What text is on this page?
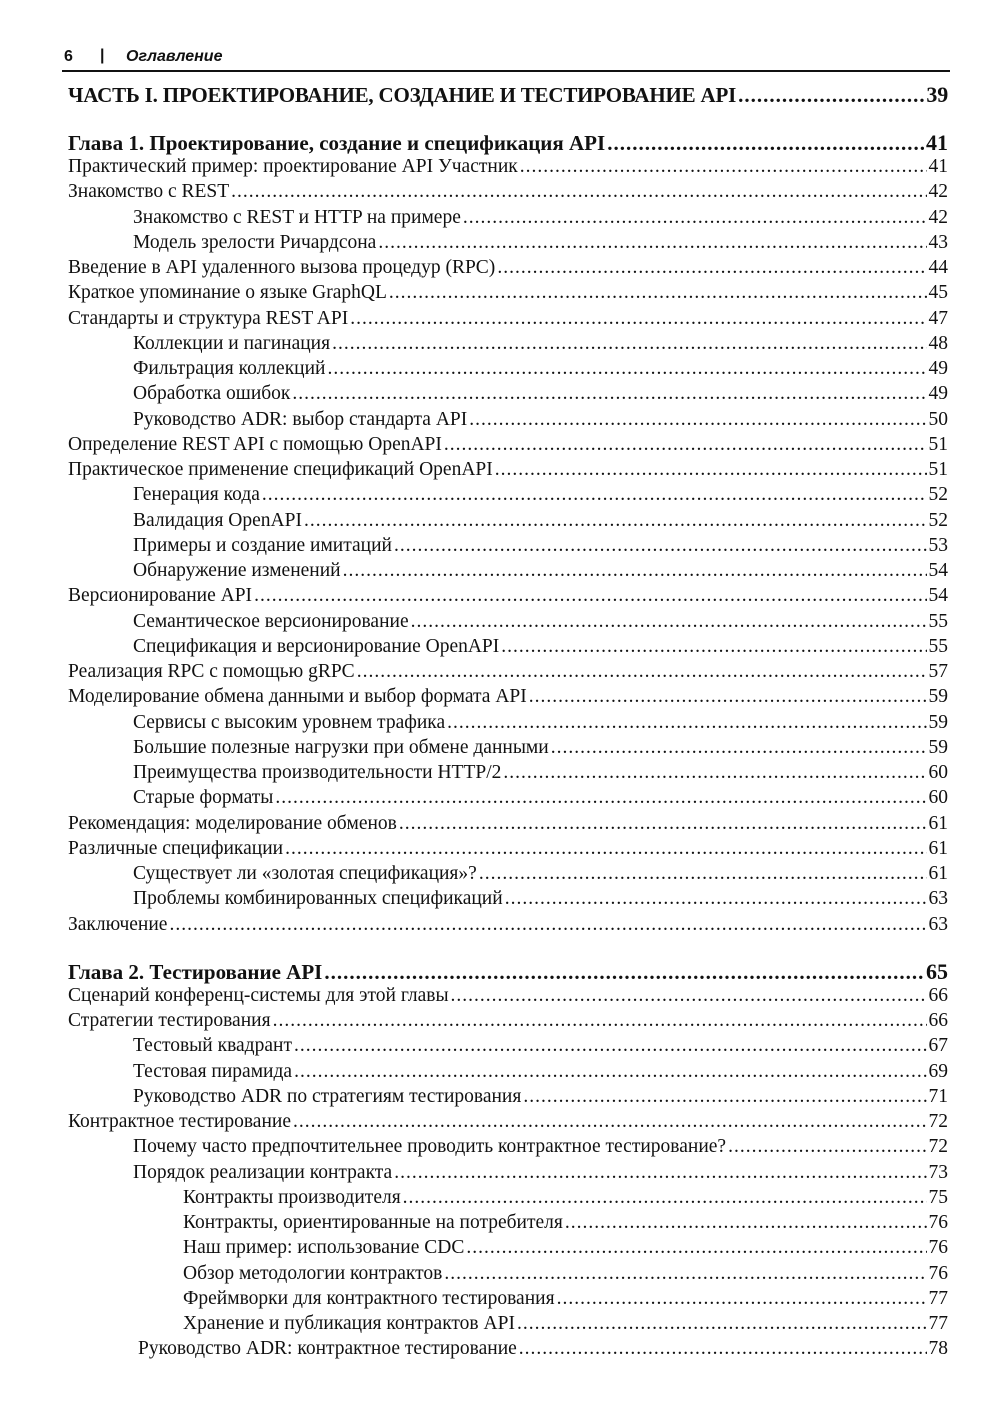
6 | Оглавление
ЧАСТЬ I. ПРОЕКТИРОВАНИЕ, СОЗДАНИЕ И ТЕСТИРОВАНИЕ API .....	39
Глава 1. Проектирование, создание и спецификация API .....	41
Практический пример: проектирование API Участник .....	41
Знакомство с REST .....	42
Знакомство с REST и HTTP на примере .....	42
Модель зрелости Ричардсона .....	43
Введение в API удаленного вызова процедур (RPC) .....	44
Краткое упоминание о языке GraphQL .....	45
Стандарты и структура REST API .....	47
Коллекции и пагинация .....	48
Фильтрация коллекций .....	49
Обработка ошибок .....	49
Руководство ADR: выбор стандарта API .....	50
Определение REST API с помощью OpenAPI .....	51
Практическое применение спецификаций OpenAPI .....	51
Генерация кода .....	52
Валидация OpenAPI .....	52
Примеры и создание имитаций .....	53
Обнаружение изменений .....	54
Версионирование API .....	54
Семантическое версионирование .....	55
Спецификация и версионирование OpenAPI .....	55
Реализация RPC с помощью gRPC .....	57
Моделирование обмена данными и выбор формата API .....	59
Сервисы с высоким уровнем трафика .....	59
Большие полезные нагрузки при обмене данными .....	59
Преимущества производительности HTTP/2 .....	60
Старые форматы .....	60
Рекомендация: моделирование обменов .....	61
Различные спецификации .....	61
Существует ли «золотая спецификация»? .....	61
Проблемы комбинированных спецификаций .....	63
Заключение .....	63
Глава 2. Тестирование API .....	65
Сценарий конференц-системы для этой главы .....	66
Стратегии тестирования .....	66
Тестовый квадрант .....	67
Тестовая пирамида .....	69
Руководство ADR по стратегиям тестирования .....	71
Контрактное тестирование .....	72
Почему часто предпочтительнее проводить контрактное тестирование? .....	72
Порядок реализации контракта .....	73
Контракты производителя .....	75
Контракты, ориентированные на потребителя .....	76
Наш пример: использование CDC .....	76
Обзор методологии контрактов .....	76
Фреймворки для контрактного тестирования .....	77
Хранение и публикация контрактов API .....	77
Руководство ADR: контрактное тестирование .....	78
